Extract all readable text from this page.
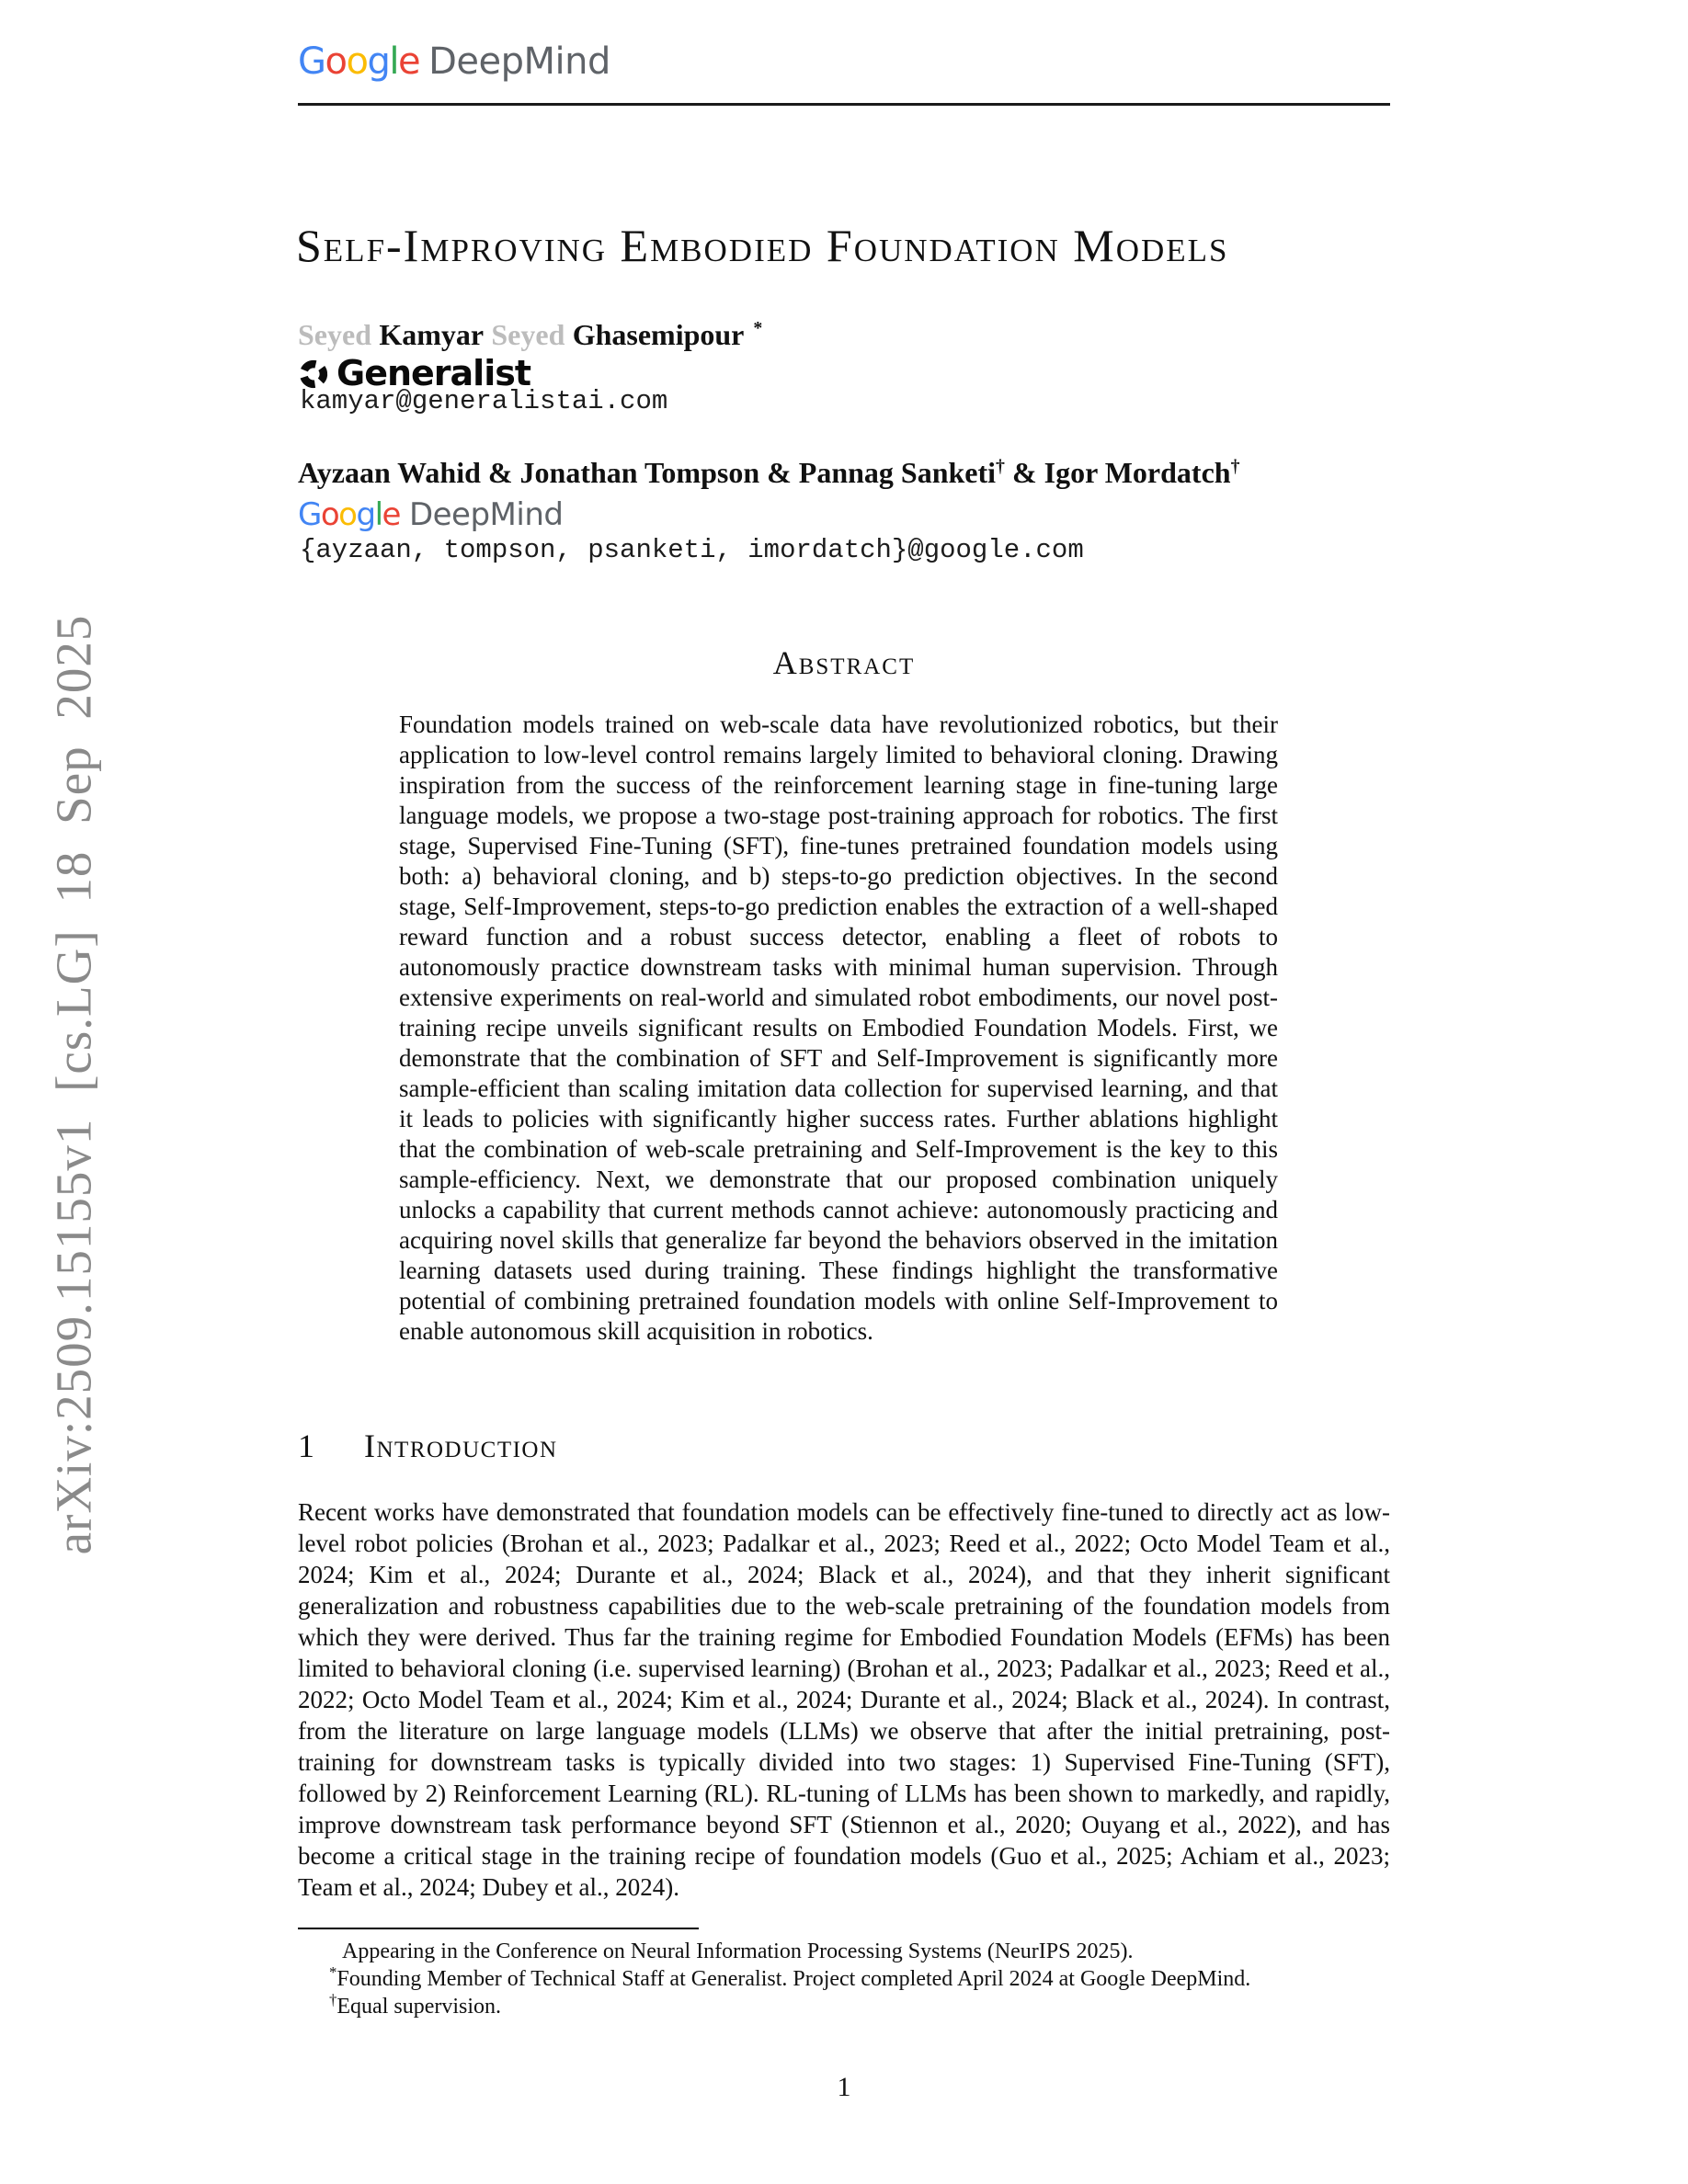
arXiv:2509.15155v1 [cs.LG] 18 Sep 2025
Google DeepMind
Self-Improving Embodied Foundation Models
Seyed Kamyar Seyed Ghasemipour *
Generalist
kamyar@generalistai.com
Ayzaan Wahid & Jonathan Tompson & Pannag Sanketi† & Igor Mordatch†
Google DeepMind
{ayzaan, tompson, psanketi, imordatch}@google.com
Abstract
Foundation models trained on web-scale data have revolutionized robotics, but their application to low-level control remains largely limited to behavioral cloning. Drawing inspiration from the success of the reinforcement learning stage in fine-tuning large language models, we propose a two-stage post-training approach for robotics. The first stage, Supervised Fine-Tuning (SFT), fine-tunes pretrained foundation models using both: a) behavioral cloning, and b) steps-to-go prediction objectives. In the second stage, Self-Improvement, steps-to-go prediction enables the extraction of a well-shaped reward function and a robust success detector, enabling a fleet of robots to autonomously practice downstream tasks with minimal human supervision. Through extensive experiments on real-world and simulated robot embodiments, our novel post-training recipe unveils significant results on Embodied Foundation Models. First, we demonstrate that the combination of SFT and Self-Improvement is significantly more sample-efficient than scaling imitation data collection for supervised learning, and that it leads to policies with significantly higher success rates. Further ablations highlight that the combination of web-scale pretraining and Self-Improvement is the key to this sample-efficiency. Next, we demonstrate that our proposed combination uniquely unlocks a capability that current methods cannot achieve: autonomously practicing and acquiring novel skills that generalize far beyond the behaviors observed in the imitation learning datasets used during training. These findings highlight the transformative potential of combining pretrained foundation models with online Self-Improvement to enable autonomous skill acquisition in robotics.
1 Introduction
Recent works have demonstrated that foundation models can be effectively fine-tuned to directly act as low-level robot policies (Brohan et al., 2023; Padalkar et al., 2023; Reed et al., 2022; Octo Model Team et al., 2024; Kim et al., 2024; Durante et al., 2024; Black et al., 2024), and that they inherit significant generalization and robustness capabilities due to the web-scale pretraining of the foundation models from which they were derived. Thus far the training regime for Embodied Foundation Models (EFMs) has been limited to behavioral cloning (i.e. supervised learning) (Brohan et al., 2023; Padalkar et al., 2023; Reed et al., 2022; Octo Model Team et al., 2024; Kim et al., 2024; Durante et al., 2024; Black et al., 2024). In contrast, from the literature on large language models (LLMs) we observe that after the initial pretraining, post-training for downstream tasks is typically divided into two stages: 1) Supervised Fine-Tuning (SFT), followed by 2) Reinforcement Learning (RL). RL-tuning of LLMs has been shown to markedly, and rapidly, improve downstream task performance beyond SFT (Stiennon et al., 2020; Ouyang et al., 2022), and has become a critical stage in the training recipe of foundation models (Guo et al., 2025; Achiam et al., 2023; Team et al., 2024; Dubey et al., 2024).
Appearing in the Conference on Neural Information Processing Systems (NeurIPS 2025).
*Founding Member of Technical Staff at Generalist. Project completed April 2024 at Google DeepMind.
†Equal supervision.
1
